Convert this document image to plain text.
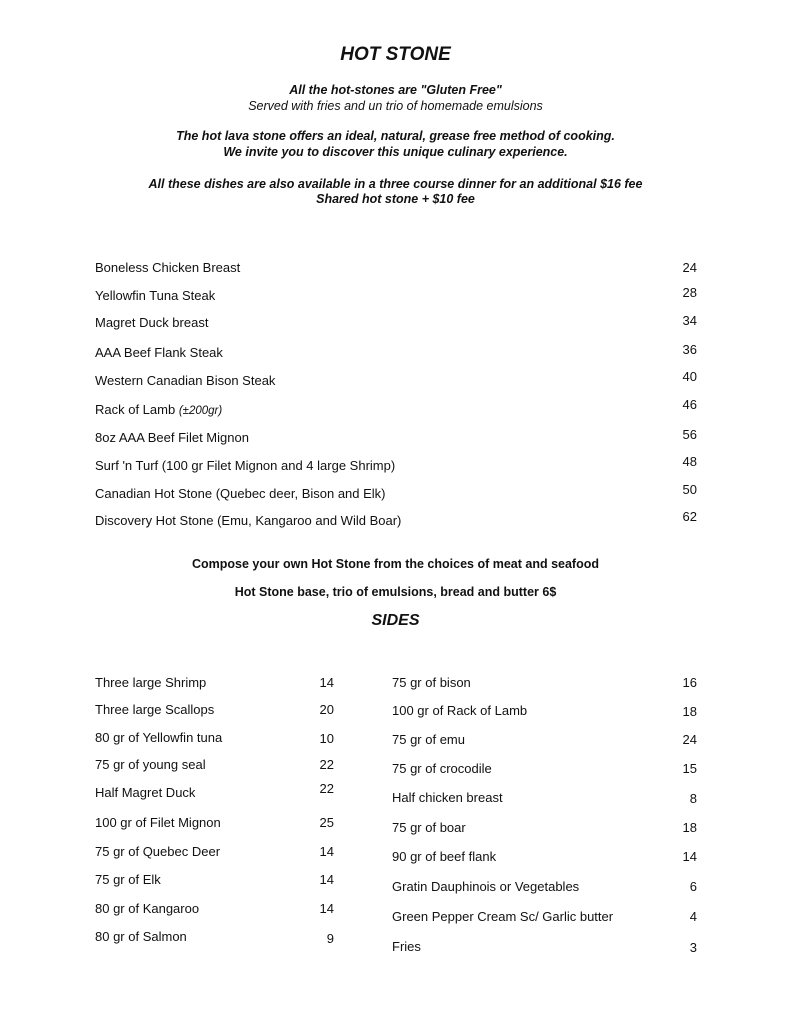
HOT STONE
All the hot-stones are "Gluten Free"
Served with fries and un trio of homemade emulsions
The hot lava stone offers an ideal, natural, grease free method of cooking.
We invite you to discover this unique culinary experience.
All these dishes are also available in a three course dinner for an additional $16 fee
Shared hot stone + $10 fee
Boneless Chicken Breast	24
Yellowfin Tuna Steak	28
Magret Duck breast	34
AAA Beef Flank Steak	36
Western Canadian Bison Steak	40
Rack of Lamb (±200gr)	46
8oz AAA Beef Filet Mignon	56
Surf 'n Turf (100 gr Filet Mignon and 4 large Shrimp)	48
Canadian Hot Stone (Quebec deer, Bison and Elk)	50
Discovery Hot Stone (Emu, Kangaroo and Wild Boar)	62
Compose your own Hot Stone from the choices of meat and seafood
Hot Stone base, trio of emulsions, bread and butter 6$
SIDES
Three large Shrimp	14
Three large Scallops	20
80 gr of Yellowfin tuna	10
75 gr of young seal	22
Half Magret Duck	22
100 gr of Filet Mignon	25
75 gr of Quebec Deer	14
75 gr of Elk	14
80 gr of Kangaroo	14
80 gr of Salmon	9
75 gr of bison	16
100 gr of Rack of Lamb	18
75 gr of emu	24
75 gr of crocodile	15
Half chicken breast	8
75 gr of boar	18
90 gr of beef flank	14
Gratin Dauphinois or Vegetables	6
Green Pepper Cream Sc/ Garlic butter	4
Fries	3
